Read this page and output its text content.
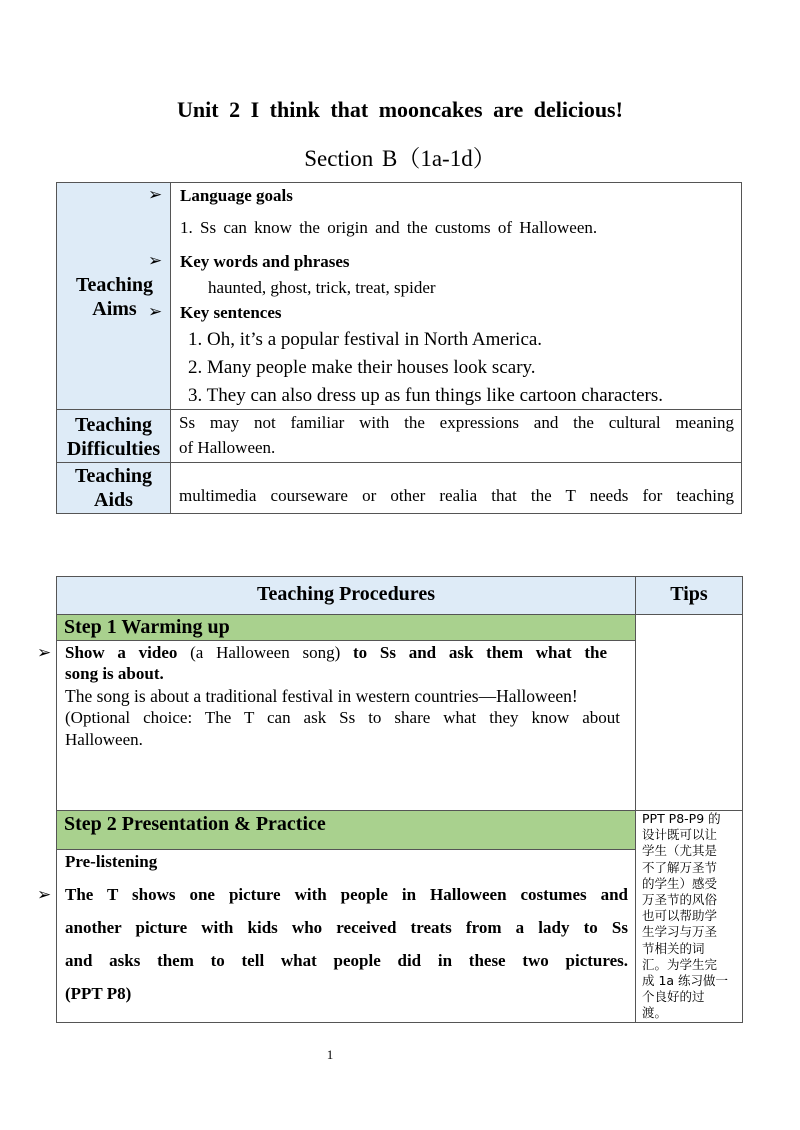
Unit 2 I think that mooncakes are delicious!
Section B（1a-1d）
Teaching
Aims
Teaching
Difficulties
Teaching
Aids
➢
➢
➢
Language goals
1. Ss can know the origin and the customs of Halloween.
Key words and phrases
haunted, ghost, trick, treat, spider
Key sentences
1. Oh, it’s a popular festival in North America.
2. Many people make their houses look scary.
3. They can also dress up as fun things like cartoon characters.
Ss may not familiar with the expressions and the cultural meaning
of Halloween.
multimedia courseware or other realia that the T needs for teaching
Teaching Procedures	Tips
Step 1 Warming up
➢ Show a video (a Halloween song) to Ss and ask them what the
song is about.
The song is about a traditional festival in western countries—Halloween!
(Optional choice: The T can ask Ss to share what they know about
Halloween.
Step 2 Presentation & Practice
Pre-listening
➢ The T shows one picture with people in Halloween costumes and
another picture with kids who received treats from a lady to Ss
and asks them to tell what people did in these two pictures.
(PPT P8)
PPT P8-P9 的
设计既可以让
学生（尤其是
不了解万圣节
的学生）感受
万圣节的风俗
也可以帮助学
生学习与万圣
节相关的词
汇。为学生完
成 1a 练习做一
个良好的过
渡。
1
